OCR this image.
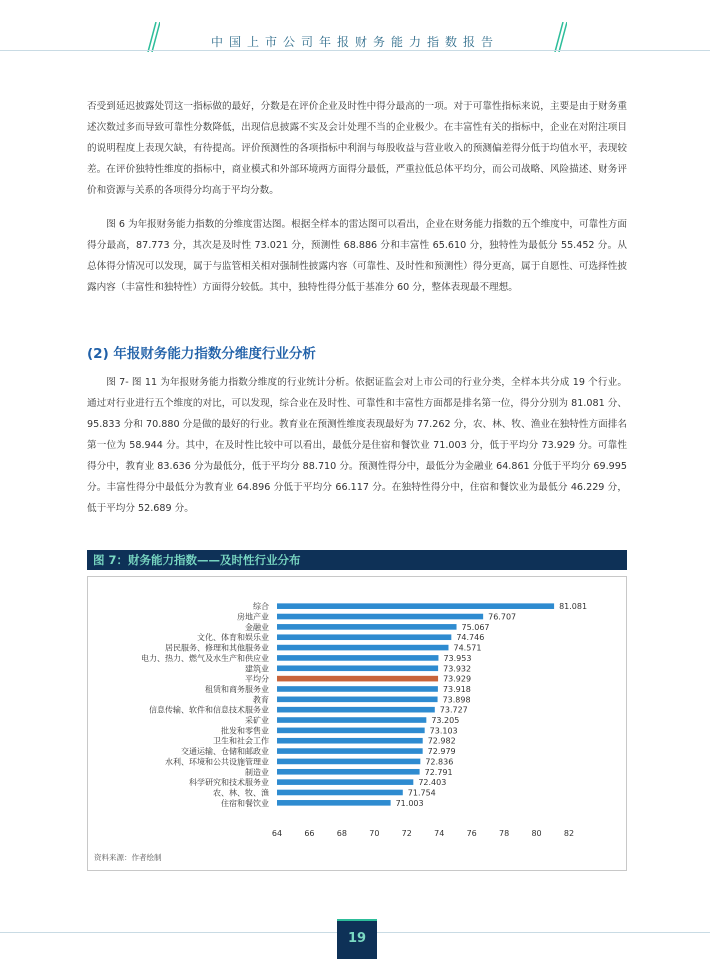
中国上市公司年报财务能力指数报告

否受到延迟披露处罚这一指标做的最好，分数是在评价企业及时性中得分最高的一项。对于可靠性指标来说，主要是由于财务重述次数过多而导致可靠性分数降低，出现信息披露不实及会计处理不当的企业极少。在丰富性有关的指标中，企业在对附注项目的说明程度上表现欠缺，有待提高。评价预测性的各项指标中利润与每股收益与营业收入的预测偏差得分低于均值水平，表现较差。在评价独特性维度的指标中，商业模式和外部环境两方面得分最低，严重拉低总体平均分，而公司战略、风险描述、财务评价和资源与关系的各项得分均高于平均分数。

图 6 为年报财务能力指数的分维度雷达图。根据全样本的雷达图可以看出，企业在财务能力指数的五个维度中，可靠性方面得分最高，87.773 分，其次是及时性 73.021 分，预测性 68.886 分和丰富性 65.610 分，独特性为最低分 55.452 分。从总体得分情况可以发现，属于与监管相关相对强制性披露内容（可靠性、及时性和预测性）得分更高，属于自愿性、可选择性披露内容（丰富性和独特性）方面得分较低。其中，独特性得分低于基准分 60 分，整体表现最不理想。

(2) 年报财务能力指数分维度行业分析

图 7- 图 11 为年报财务能力指数分维度的行业统计分析。依据证监会对上市公司的行业分类，全样本共分成 19 个行业。通过对行业进行五个维度的对比，可以发现，综合业在及时性、可靠性和丰富性方面都是排名第一位，得分分别为 81.081 分、95.833 分和 70.880 分是做的最好的行业。教育业在预测性维度表现最好为 77.262 分，农、林、牧、渔业在独特性方面排名第一位为 58.944 分。其中，在及时性比较中可以看出，最低分是住宿和餐饮业 71.003 分，低于平均分 73.929 分。可靠性得分中，教育业 83.636 分为最低分，低于平均分 88.710 分。预测性得分中，最低分为金融业 64.861 分低于平均分 69.995 分。丰富性得分中最低分为教育业 64.896 分低于平均分 66.117 分。在独特性得分中，住宿和餐饮业为最低分 46.229 分，低于平均分 52.689 分。

图 7：财务能力指数——及时性行业分布
综合	81.081
房地产业	76.707
金融业	75.067
文化、体育和娱乐业	74.746
居民服务、修理和其他服务业	74.571
电力、热力、燃气及水生产和供应业	73.953
建筑业	73.932
平均分	73.929
租赁和商务服务业	73.918
教育	73.898
信息传输、软件和信息技术服务业	73.727
采矿业	73.205
批发和零售业	73.103
卫生和社会工作	72.982
交通运输、仓储和邮政业	72.979
水利、环境和公共设施管理业	72.836
制造业	72.791
科学研究和技术服务业	72.403
农、林、牧、渔	71.754
住宿和餐饮业	71.003
64	66	68	70	72	74	76	78	80	82
资料来源：作者绘制
19
